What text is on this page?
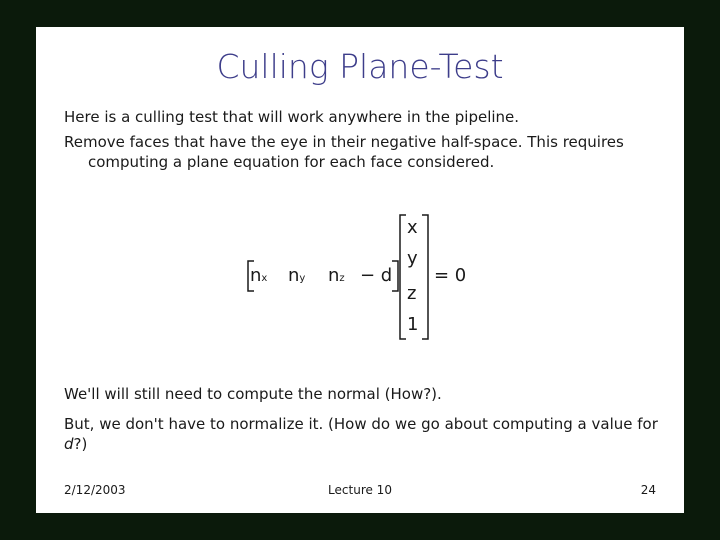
Culling Plane-Test

Here is a culling test that will work anywhere in the pipeline.

Remove faces that have the eye in their negative half-space. This requires
computing a plane equation for each face considered.

nx ny nz − d
x
y
z
1
= 0

We'll will still need to compute the normal (How?).

But, we don't have to normalize it. (How do we go about computing a value for d?)

2/12/2003	Lecture 10	24
